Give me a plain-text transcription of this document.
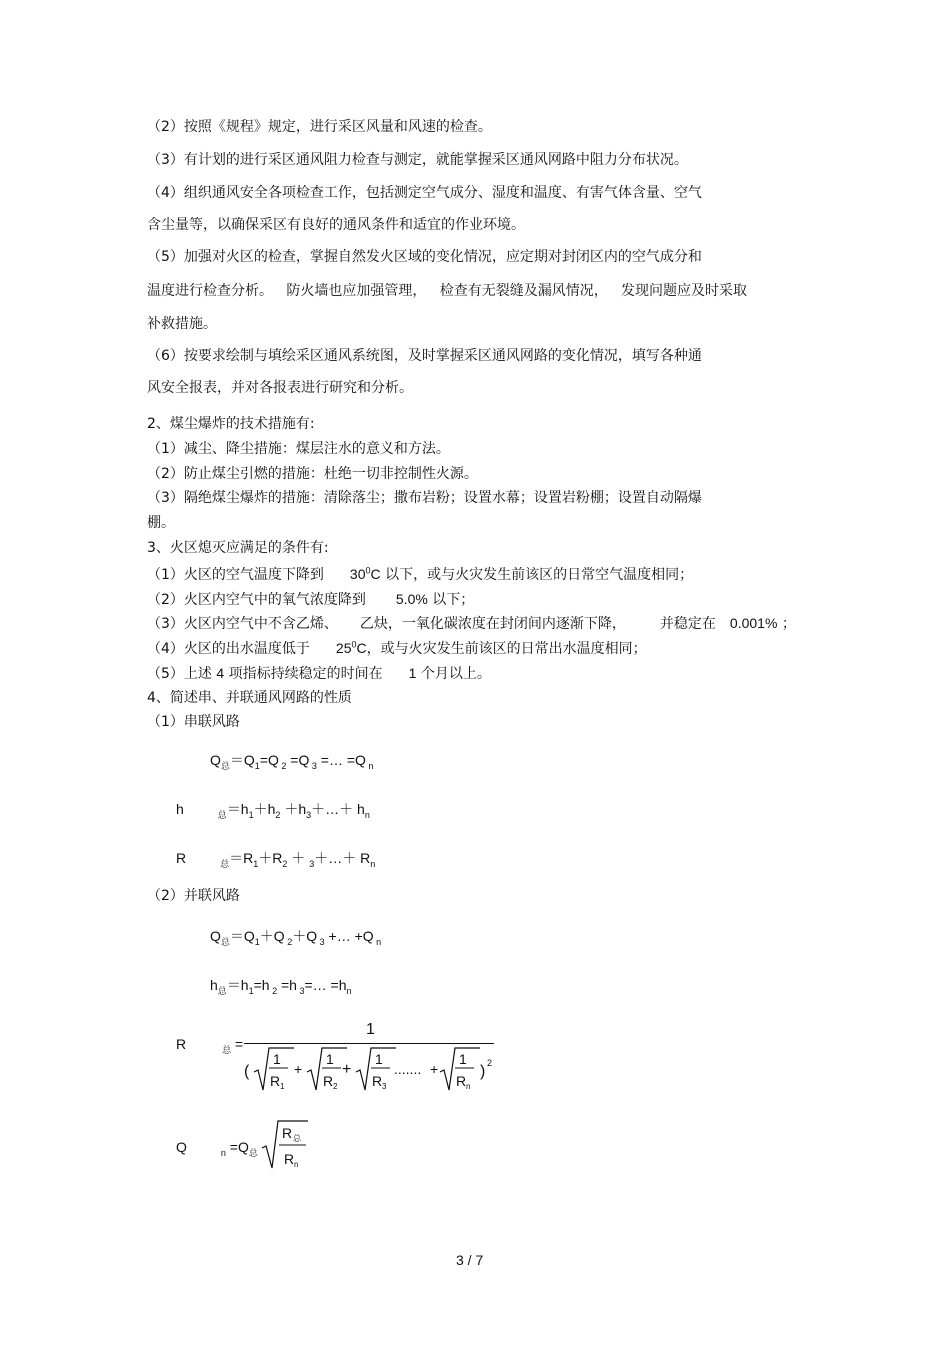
（2）按照《规程》规定，进行采区风量和风速的检查。
（3）有计划的进行采区通风阻力检查与测定，就能掌握采区通风网路中阻力分布状况。
（4）组织通风安全各项检查工作，包括测定空气成分、湿度和温度、有害气体含量、空气
含尘量等，以确保采区有良好的通风条件和适宜的作业环境。
（5）加强对火区的检查，掌握自然发火区域的变化情况，应定期对封闭区内的空气成分和
温度进行检查分析。   防火墙也应加强管理，   检查有无裂缝及漏风情况，   发现问题应及时采取
补救措施。
（6）按要求绘制与填绘采区通风系统图，及时掌握采区通风网路的变化情况，填写各种通
风安全报表，并对各报表进行研究和分析。
2、煤尘爆炸的技术措施有:
（1）减尘、降尘措施：煤层注水的意义和方法。
（2）防止煤尘引燃的措施：杜绝一切非控制性火源。
（3）隔绝煤尘爆炸的措施：清除落尘；撒布岩粉；设置水幕；设置岩粉棚；设置自动隔爆
棚。
3、火区熄灭应满足的条件有:
（1）火区的空气温度下降到 $30^0C$ 以下，或与火灾发生前该区的日常空气温度相同；
（2）火区内空气中的氧气浓度降到 5.0% 以下；
（3）火区内空气中不含乙烯、 乙炔，一氧化碳浓度在封闭间内逐渐下降， 并稳定在 0.001% ；
（4）火区的出水温度低于 $25^0C$，或与火灾发生前该区的日常出水温度相同；
（5）上述 4 项指标持续稳定的时间在 1 个月以上。
4、简述串、并联通风网路的性质
（1）串联风路
$Q_总=Q_1=Q$ $_2$ =Q $_3$ =… =Q $_n$
h	$_总=h_1+h_2$ $+h_3+\dots+ h_n$
R	$_总=R_1+R_2$ ＋ $_3$＋…＋ $R_n$
（2）并联风路
$Q_总=Q_1+Q$ $_2$＋Q $_3$ +… +Q $_n$
$h_总=h_1=h$ $_2$ =h $_3$=… $=h_n$
R	$_总$ =
1
(
1
R 1
+
1
R 2
+
1
R 3
....... +
1
R n
) 2
Q	$_n =Q_总$
R 总
R n
3 / 7
